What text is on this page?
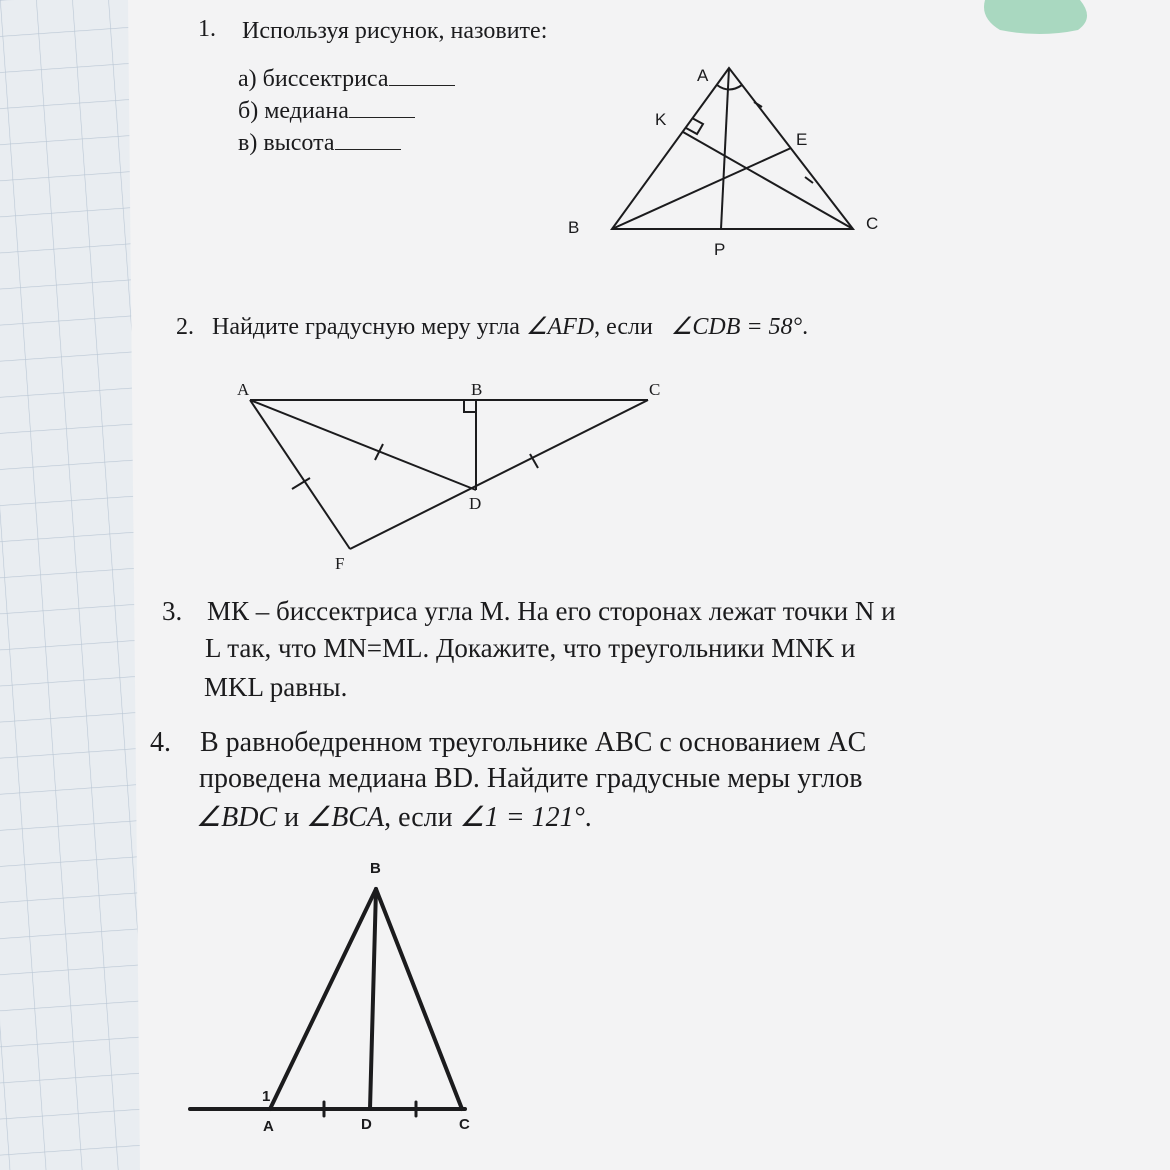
1. Используя рисунок, назовите:
а) биссектриса
б) медиана
в) высота
A
K
E
B	C
P
2. Найдите градусную меру угла ∠AFD, если   ∠CDB = 58°.
A	B	C
D
F
3. МК – биссектриса угла М. На его сторонах лежат точки N и
L так, что MN=ML. Докажите, что треугольники MNK и
MKL равны.
4. В равнобедренном треугольнике ABC с основанием AC
проведена медиана BD. Найдите градусные меры углов
∠BDC и ∠BCA, если ∠1 = 121°.
B
1
A	D	C
